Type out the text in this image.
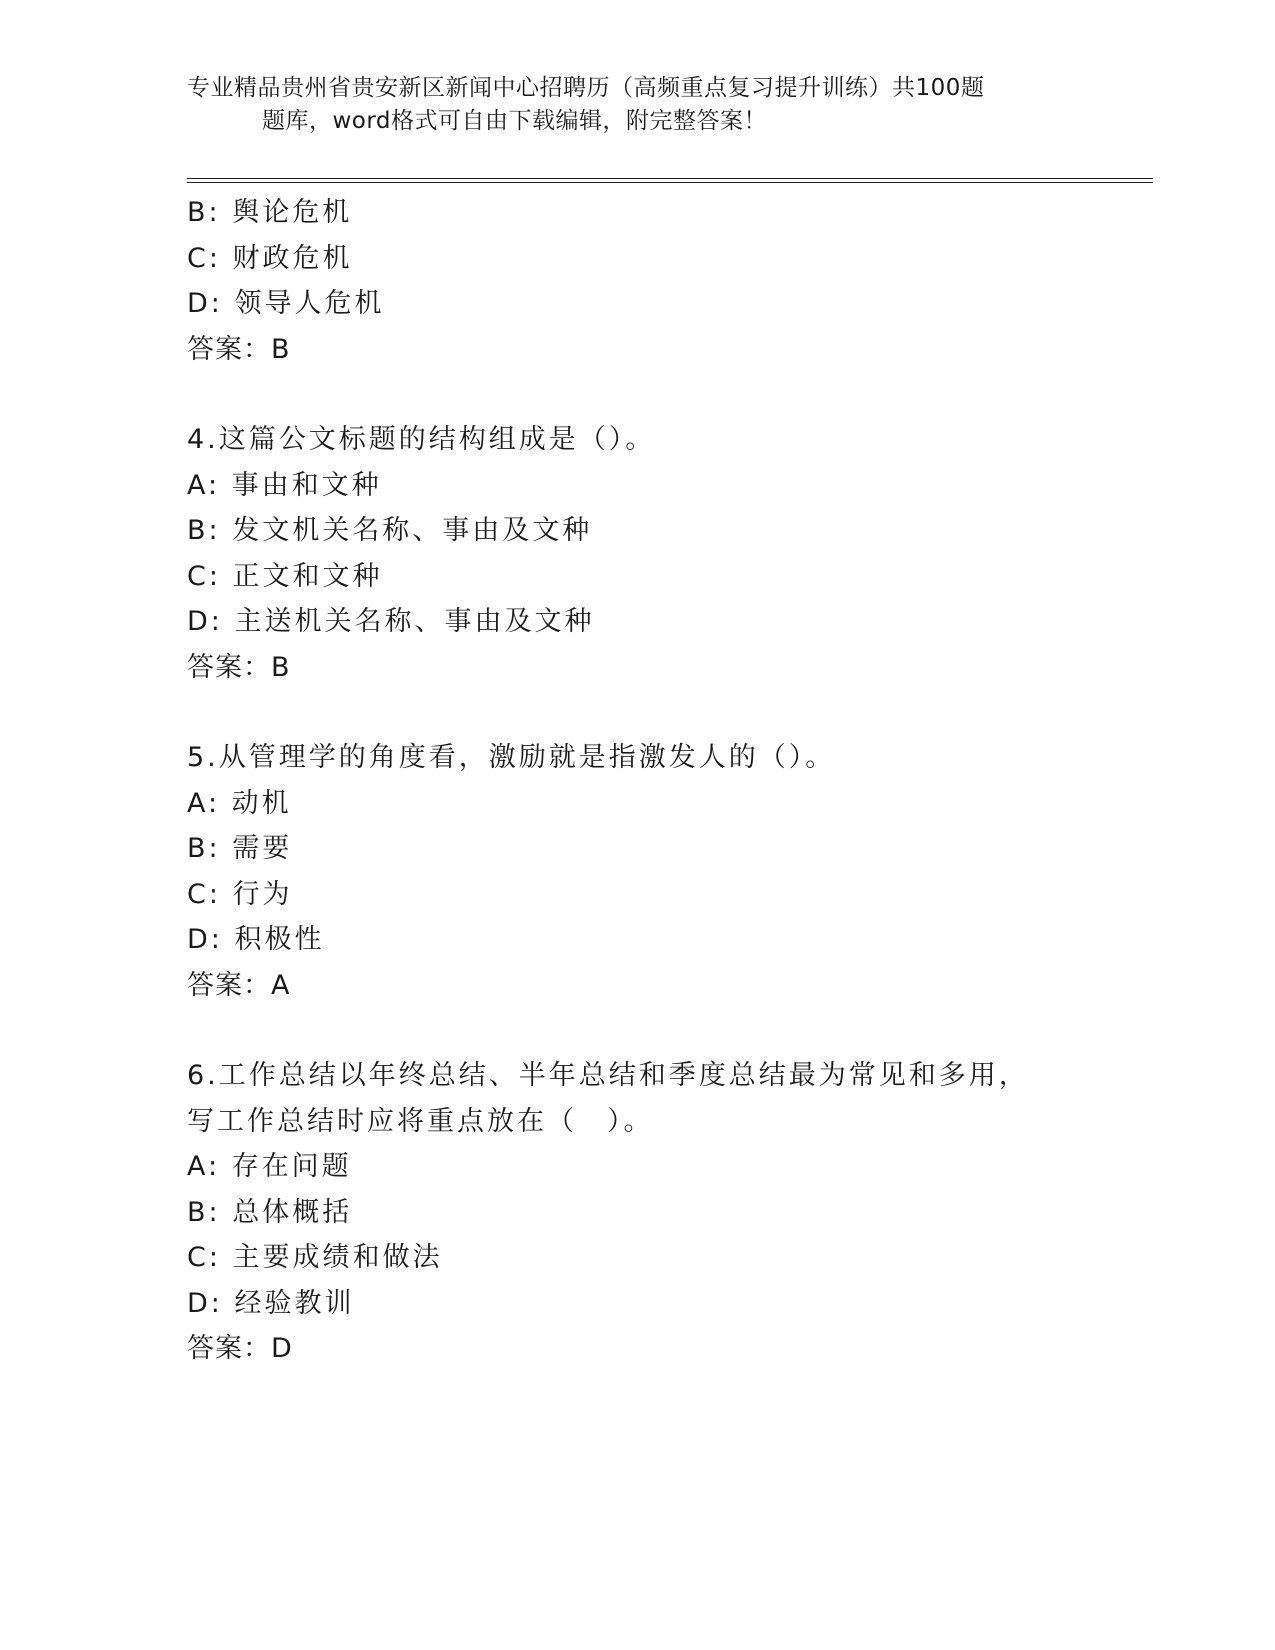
专业精品贵州省贵安新区新闻中心招聘历（高频重点复习提升训练）共100题
题库，word格式可自由下载编辑，附完整答案！
B: 舆论危机
C: 财政危机
D: 领导人危机
答案：B
4.这篇公文标题的结构组成是（）。
A: 事由和文种
B: 发文机关名称、事由及文种
C: 正文和文种
D: 主送机关名称、事由及文种
答案：B
5.从管理学的角度看，激励就是指激发人的（）。
A: 动机
B: 需要
C: 行为
D: 积极性
答案：A
6.工作总结以年终总结、半年总结和季度总结最为常见和多用，写工作总结时应将重点放在（　）。
A: 存在问题
B: 总体概括
C: 主要成绩和做法
D: 经验教训
答案：D
